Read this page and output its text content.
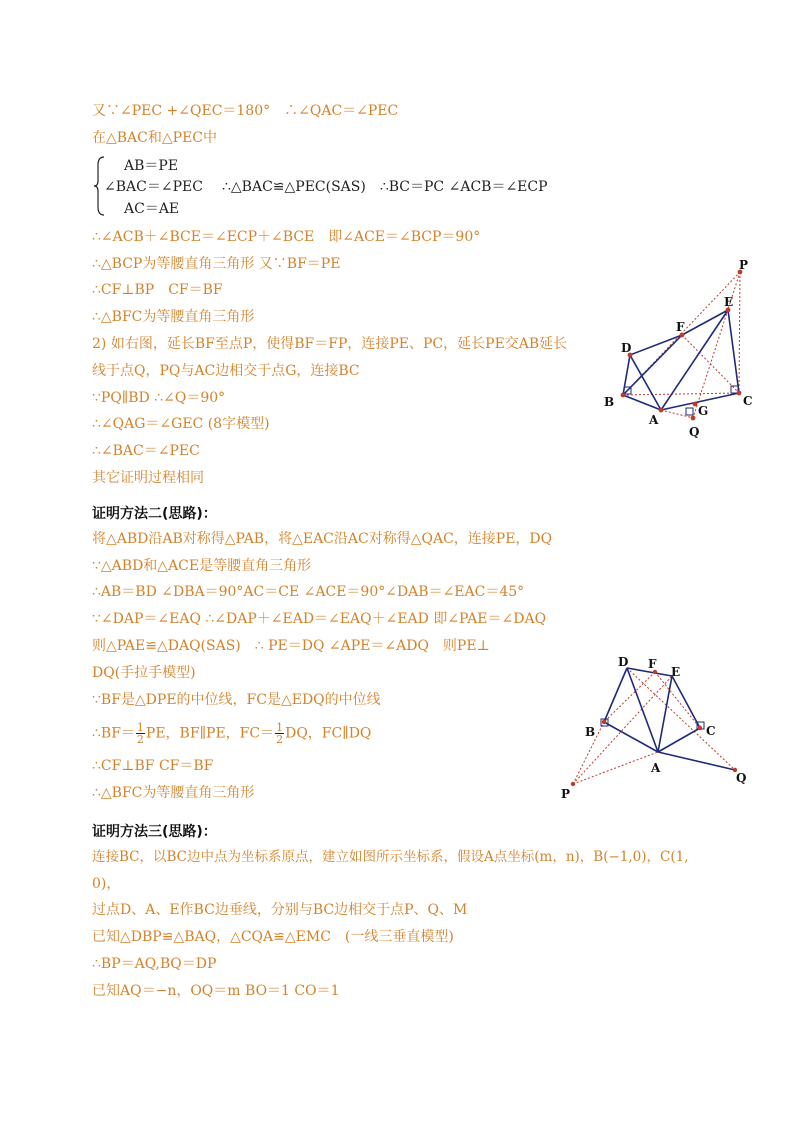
又∵∠PEC +∠QEC＝180°　∴∠QAC＝∠PEC
在△BAC和△PEC中
AB＝PE
∠BAC＝∠PEC ∴△BAC≌△PEC(SAS)　∴BC＝PC ∠ACB＝∠ECP
AC＝AE
∴∠ACB＋∠BCE＝∠ECP＋∠BCE　即∠ACE＝∠BCP＝90°
∴△BCP为等腰直角三角形 又∵BF＝PE
∴CF⊥BP　CF＝BF
∴△BFC为等腰直角三角形
2) 如右图，延长BF至点P，使得BF＝FP，连接PE、PC，延长PE交AB延长
线于点Q，PQ与AC边相交于点G，连接BC
∵PQ∥BD ∴∠Q＝90°
∴∠QAG＝∠GEC (8字模型)
∴∠BAC＝∠PEC
其它证明过程相同
P
E
F
D
B
A
G
C
Q
证明方法二(思路)：
将△ABD沿AB对称得△PAB，将△EAC沿AC对称得△QAC，连接PE，DQ
∵△ABD和△ACE是等腰直角三角形
∴AB＝BD ∠DBA＝90°AC＝CE ∠ACE＝90°∠DAB＝∠EAC＝45°
∵∠DAP＝∠EAQ ∴∠DAP＋∠EAD＝∠EAQ＋∠EAD 即∠PAE＝∠DAQ
则△PAE≌△DAQ(SAS)　∴ PE＝DQ ∠APE＝∠ADQ　则PE⊥
DQ(手拉手模型)
∵BF是△DPE的中位线，FC是△EDQ的中位线
∴BF＝ $\frac{1}{2}$ PE，BF∥PE，$FC= \frac{1}{2}$ DQ，FC∥DQ
∴CF⊥BF CF＝BF
∴△BFC为等腰直角三角形
D F
E
B	C
A
P
Q
证明方法三(思路)：
连接BC，以BC边中点为坐标系原点，建立如图所示坐标系，假设A点坐标(m，n)，B(−1,0)，C(1,
0)，
过点D、A、E作BC边垂线，分别与BC边相交于点P、Q、M
已知△DBP≌△BAQ，△CQA≌△EMC　(一线三垂直模型)
∴BP＝AQ,BQ＝DP
已知AQ＝−n，OQ＝m BO＝1 CO＝1
